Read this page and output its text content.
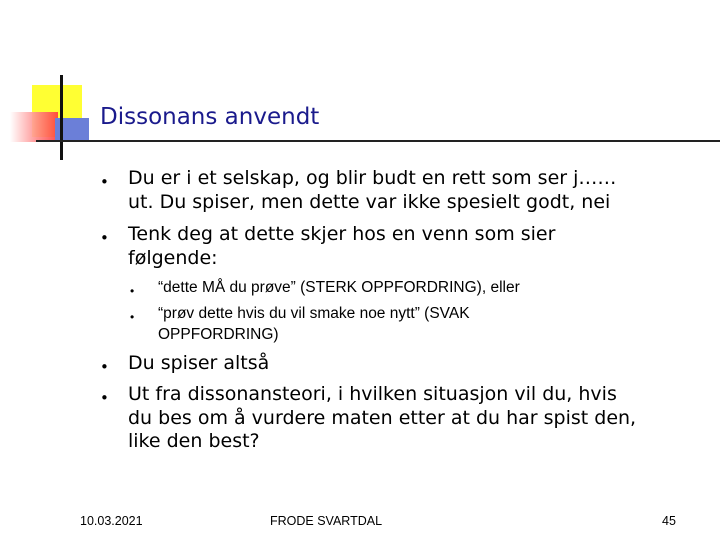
Dissonans anvendt
• Du er i et selskap, og blir budt en rett som ser j……
ut. Du spiser, men dette var ikke spesielt godt, nei
• Tenk deg at dette skjer hos en venn som sier
følgende:
• “dette MÅ du prøve” (STERK OPPFORDRING), eller
• “prøv dette hvis du vil smake noe nytt” (SVAK
OPPFORDRING)
• Du spiser altså
• Ut fra dissonansteori, i hvilken situasjon vil du, hvis
du bes om å vurdere maten etter at du har spist den,
like den best?
10.03.2021	FRODE SVARTDAL	45
